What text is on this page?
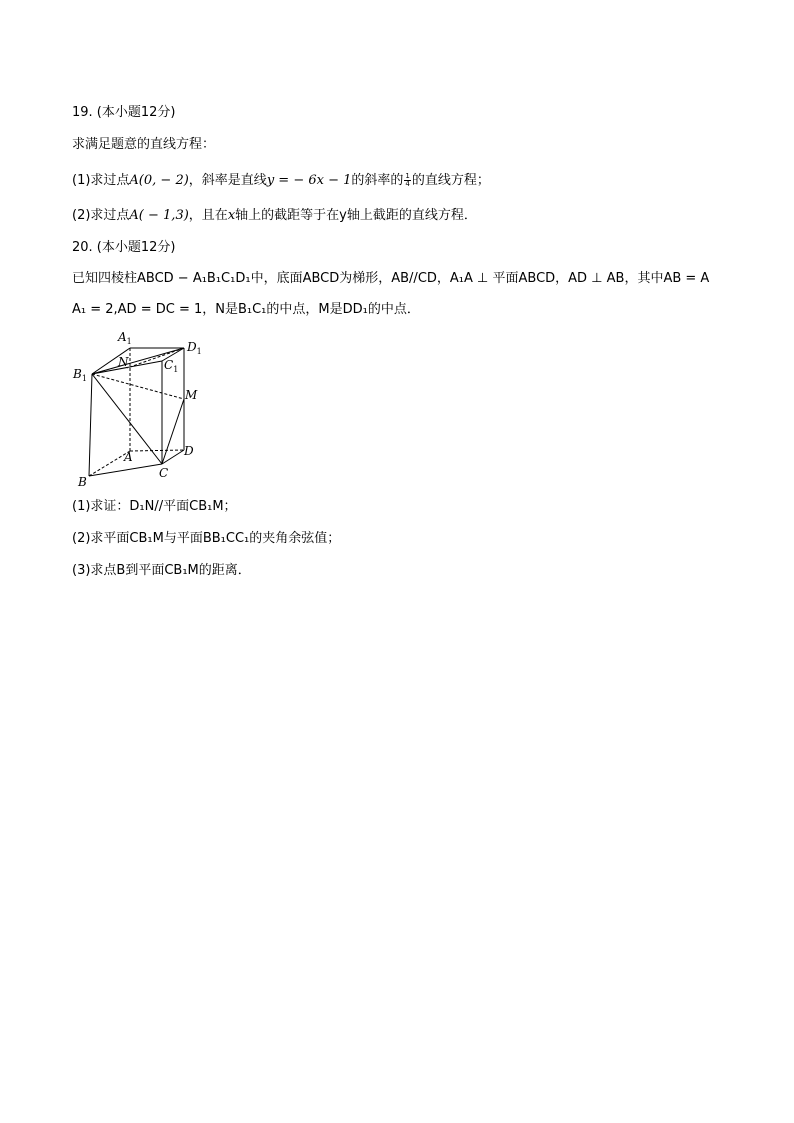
19. (本小题12分)
求满足题意的直线方程：
(1)求过点A(0, − 2)，斜率是直线y = − 6x − 1的斜率的 $\frac{1}{4}$ 的直线方程；
(2)求过点A( − 1,3)，且在x轴上的截距等于在y轴上截距的直线方程．
20. (本小题12分)
已知四棱柱ABCD − A₁B₁C₁D₁中，底面ABCD为梯形，AB//CD，A₁A ⊥ 平面ABCD，AD ⊥ AB，其中AB = A
A₁ = 2,AD = DC = 1，N是B₁C₁的中点，M是DD₁的中点．
$A_1$
$B_1$
$C_1$
$D_1$
N
M
A
B
C
D
(1)求证：D₁N//平面CB₁M；
(2)求平面CB₁M与平面BB₁CC₁的夹角余弦值；
(3)求点B到平面CB₁M的距离．
